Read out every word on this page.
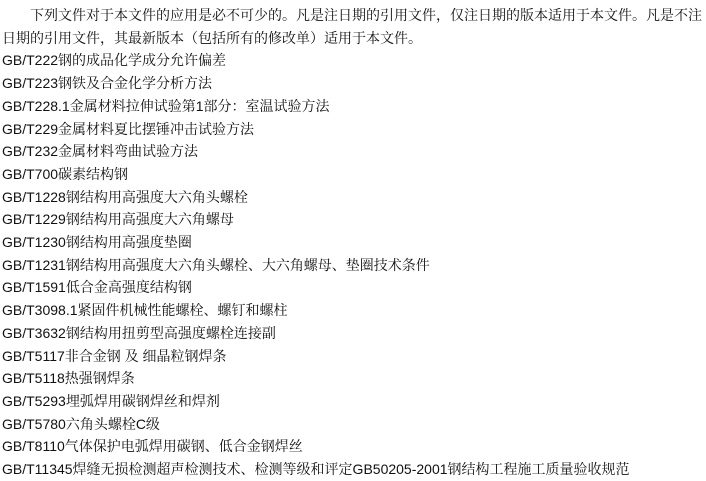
下列文件对于本文件的应用是必不可少的。凡是注日期的引用文件，仅注日期的版本适用于本文件。凡是不注日期的引用文件，其最新版本（包括所有的修改单）适用于本文件。

GB/T222钢的成品化学成分允许偏差
GB/T223钢铁及合金化学分析方法
GB/T228.1金属材料拉伸试验第1部分：室温试验方法
GB/T229金属材料夏比摆锤冲击试验方法
GB/T232金属材料弯曲试验方法
GB/T700碳素结构钢
GB/T1228钢结构用高强度大六角头螺栓
GB/T1229钢结构用高强度大六角螺母
GB/T1230钢结构用高强度垫圈
GB/T1231钢结构用高强度大六角头螺栓、大六角螺母、垫圈技术条件
GB/T1591低合金高强度结构钢
GB/T3098.1紧固件机械性能螺栓、螺钉和螺柱
GB/T3632钢结构用扭剪型高强度螺栓连接副
GB/T5117非合金钢 及 细晶粒钢焊条
GB/T5118热强钢焊条
GB/T5293埋弧焊用碳钢焊丝和焊剂
GB/T5780六角头螺栓C级
GB/T8110气体保护电弧焊用碳钢、低合金钢焊丝
GB/T11345焊缝无损检测超声检测技术、检测等级和评定GB50205-2001钢结构工程施工质量验收规范
